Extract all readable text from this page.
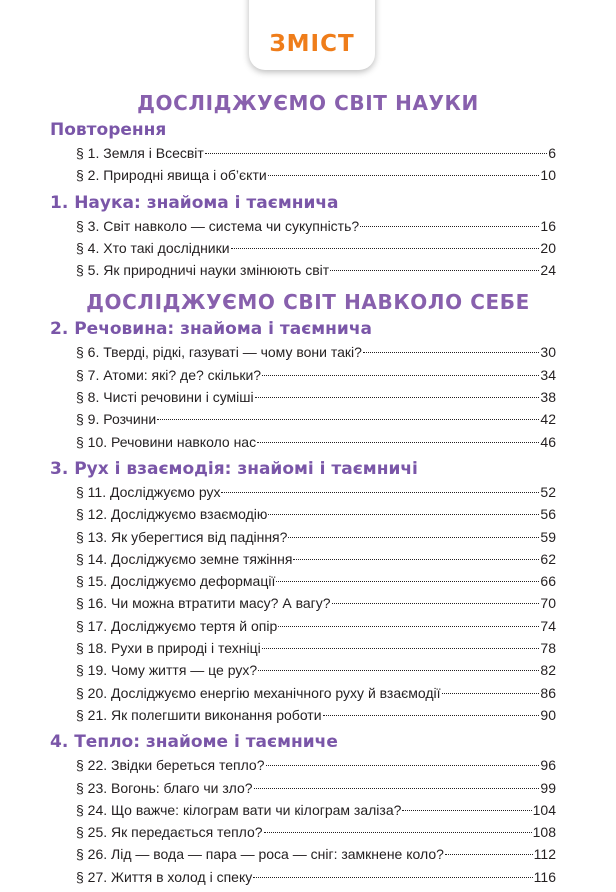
ЗМІСТ
ДОСЛІДЖУЄМО СВІТ НАУКИ
Повторення
§ 1. Земля і Всесвіт	6
§ 2. Природні явища і об’єкти	10
1. Наука: знайома і таємнича
§ 3. Світ навколо — система чи сукупність?	16
§ 4. Хто такі дослідники	20
§ 5. Як природничі науки змінюють світ	24
ДОСЛІДЖУЄМО СВІТ НАВКОЛО СЕБЕ
2. Речовина: знайома і таємнича
§ 6. Тверді, рідкі, газуваті — чому вони такі?	30
§ 7. Атоми: які? де? скільки?	34
§ 8. Чисті речовини і суміші	38
§ 9. Розчини	42
§ 10. Речовини навколо нас	46
3. Рух і взаємодія: знайомі і таємничі
§ 11. Досліджуємо рух	52
§ 12. Досліджуємо взаємодію	56
§ 13. Як уберегтися від падіння?	59
§ 14. Досліджуємо земне тяжіння	62
§ 15. Досліджуємо деформації	66
§ 16. Чи можна втратити масу? А вагу?	70
§ 17. Досліджуємо тертя й опір	74
§ 18. Рухи в природі і техніці	78
§ 19. Чому життя — це рух?	82
§ 20. Досліджуємо енергію механічного руху й взаємодії	86
§ 21. Як полегшити виконання роботи	90
4. Тепло: знайоме і таємниче
§ 22. Звідки береться тепло?	96
§ 23. Вогонь: благо чи зло?	99
§ 24. Що важче: кілограм вати чи кілограм заліза?	104
§ 25. Як передається тепло?	108
§ 26. Лід — вода — пара — роса — сніг: замкнене коло?	112
§ 27. Життя в холод і спеку	116
